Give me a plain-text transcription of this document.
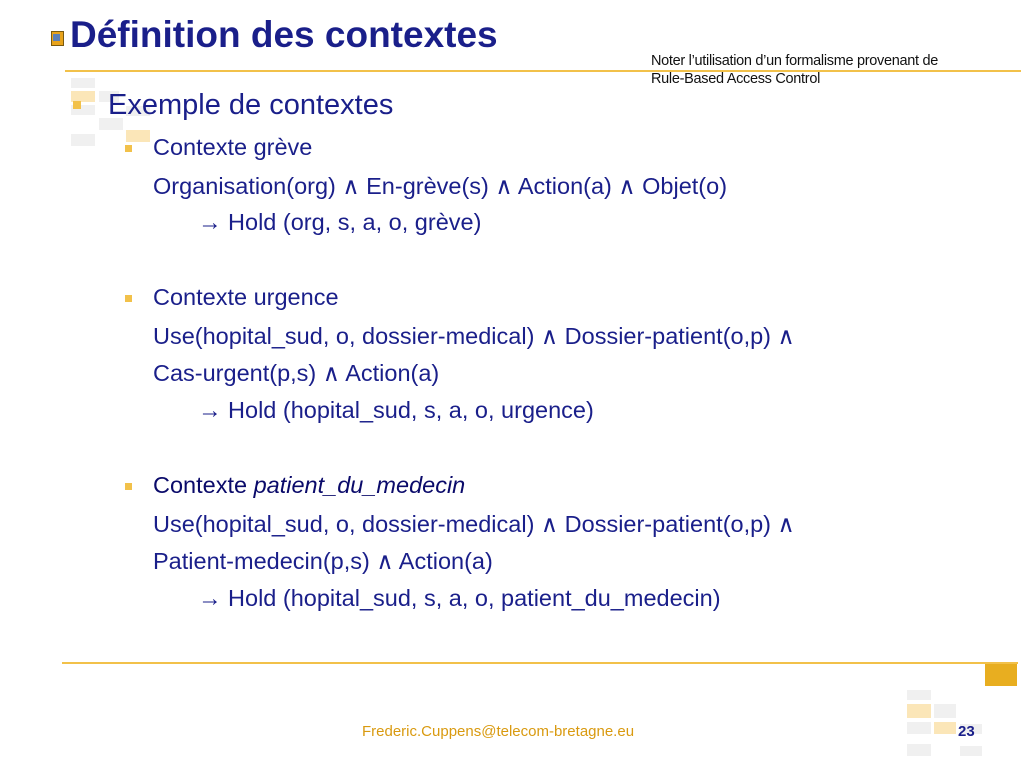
Définition des contextes
Noter l’utilisation d’un formalisme provenant de Rule-Based Access Control
Exemple de contextes
Contexte grève
Organisation(org) ∧ En-grève(s) ∧ Action(a) ∧ Objet(o)
→ Hold (org, s, a, o, grève)
Contexte urgence
Use(hopital_sud, o, dossier-medical) ∧ Dossier-patient(o,p) ∧
Cas-urgent(p,s) ∧ Action(a)
→ Hold (hopital_sud, s, a, o, urgence)
Contexte patient_du_medecin
Use(hopital_sud, o, dossier-medical) ∧ Dossier-patient(o,p) ∧
Patient-medecin(p,s) ∧ Action(a)
→ Hold (hopital_sud, s, a, o, patient_du_medecin)
Frederic.Cuppens@telecom-bretagne.eu	23
